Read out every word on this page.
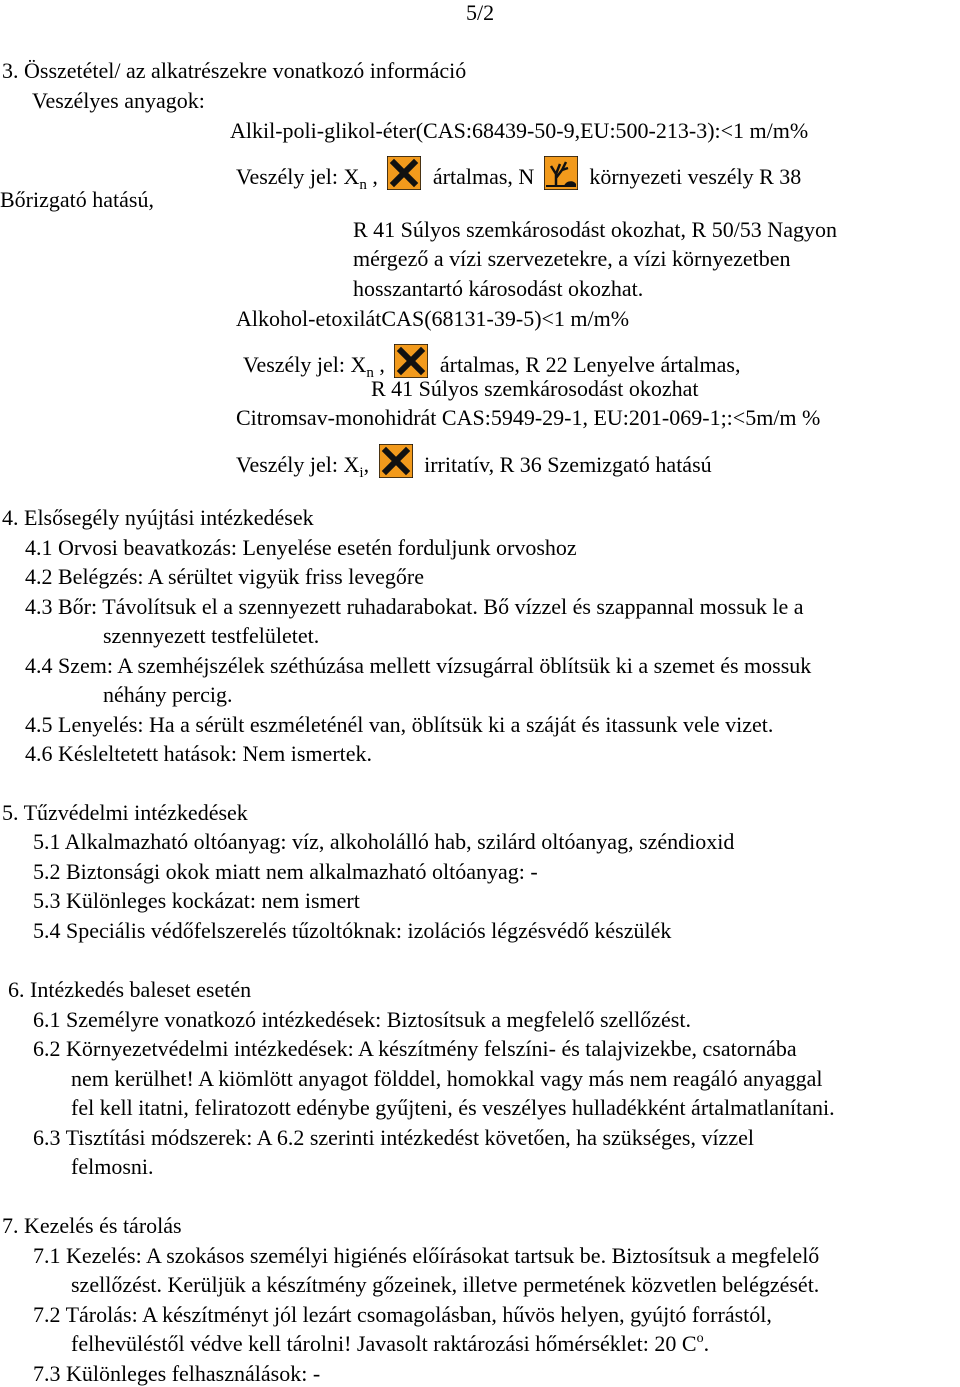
5/2
3. Összetétel/ az alkatrészekre vonatkozó információ
Veszélyes anyagok:
Alkil-poli-glikol-éter(CAS:68439-50-9,EU:500-213-3):<1 m/m%
Veszély jel: $X_n$ ,	ártalmas, N	környezeti veszély R 38
Bőrizgató hatású,
R 41 Súlyos szemkárosodást okozhat, R 50/53 Nagyon
mérgező a vízi szervezetekre, a vízi környezetben
hosszantartó károsodást okozhat.
Alkohol-etoxilátCAS(68131-39-5)<1 m/m%
Veszély jel: $X_n$ ,	ártalmas, R 22 Lenyelve ártalmas,
R 41 Súlyos szemkárosodást okozhat
Citromsav-monohidrát CAS:5949-29-1, EU:201-069-1;:<5m/m %
Veszély jel: $X_i$,	irritatív, R 36 Szemizgató hatású
4. Elsősegély nyújtási intézkedések
4.1 Orvosi beavatkozás: Lenyelése esetén forduljunk orvoshoz
4.2 Belégzés: A sérültet vigyük friss levegőre
4.3 Bőr: Távolítsuk el a szennyezett ruhadarabokat. Bő vízzel és szappannal mossuk le a
szennyezett testfelületet.
4.4 Szem: A szemhéjszélek széthúzása mellett vízsugárral öblítsük ki a szemet és mossuk
néhány percig.
4.5 Lenyelés: Ha a sérült eszméleténél van, öblítsük ki a száját és itassunk vele vizet.
4.6 Késleltetett hatások: Nem ismertek.
5. Tűzvédelmi intézkedések
5.1 Alkalmazható oltóanyag: víz, alkoholálló hab, szilárd oltóanyag, széndioxid
5.2 Biztonsági okok miatt nem alkalmazható oltóanyag: -
5.3 Különleges kockázat: nem ismert
5.4 Speciális védőfelszerelés tűzoltóknak: izolációs légzésvédő készülék
6. Intézkedés baleset esetén
6.1 Személyre vonatkozó intézkedések: Biztosítsuk a megfelelő szellőzést.
6.2 Környezetvédelmi intézkedések: A készítmény felszíni- és talajvizekbe, csatornába
nem kerülhet! A kiömlött anyagot földdel, homokkal vagy más nem reagáló anyaggal
fel kell itatni, feliratozott edénybe gyűjteni, és veszélyes hulladékként ártalmatlanítani.
6.3 Tisztítási módszerek: A 6.2 szerinti intézkedést követően, ha szükséges, vízzel
felmosni.
7. Kezelés és tárolás
7.1 Kezelés: A szokásos személyi higiénés előírásokat tartsuk be. Biztosítsuk a megfelelő
szellőzést. Kerüljük a készítmény gőzeinek, illetve permetének közvetlen belégzését.
7.2 Tárolás: A készítményt jól lezárt csomagolásban, hűvös helyen, gyújtó forrástól,
felhevüléstől védve kell tárolni! Javasolt raktározási hőmérséklet: 20 $C^o$.
7.3 Különleges felhasználások: -
